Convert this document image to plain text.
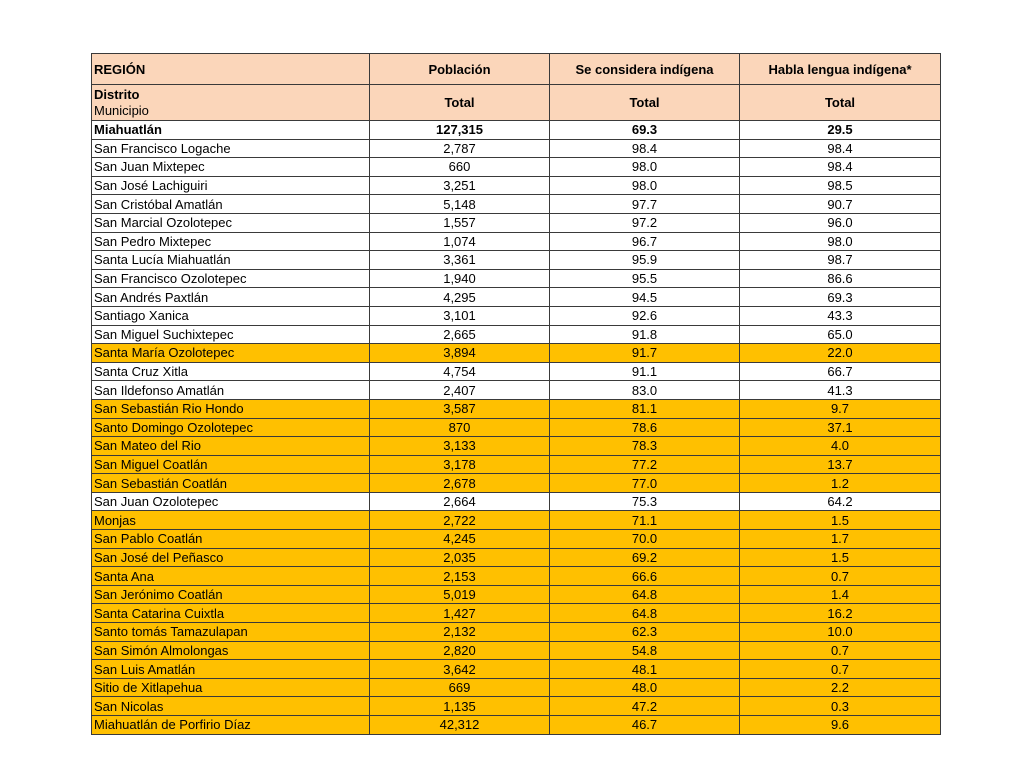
REGIÓN	Población	Se considera indígena	Habla lengua indígena*

Distrito
Municipio	Total	Total	Total
Miahuatlán	127,315	69.3	29.5
San Francisco Logache	2,787	98.4	98.4
San Juan Mixtepec	660	98.0	98.4
San José Lachiguiri	3,251	98.0	98.5
San Cristóbal Amatlán	5,148	97.7	90.7
San Marcial Ozolotepec	1,557	97.2	96.0
San Pedro Mixtepec	1,074	96.7	98.0
Santa Lucía Miahuatlán	3,361	95.9	98.7
San Francisco Ozolotepec	1,940	95.5	86.6
San Andrés Paxtlán	4,295	94.5	69.3
Santiago Xanica	3,101	92.6	43.3
San Miguel Suchixtepec	2,665	91.8	65.0
Santa María Ozolotepec	3,894	91.7	22.0
Santa Cruz Xitla	4,754	91.1	66.7
San Ildefonso Amatlán	2,407	83.0	41.3
San Sebastián Rio Hondo	3,587	81.1	9.7
Santo Domingo Ozolotepec	870	78.6	37.1
San Mateo del Rio	3,133	78.3	4.0
San Miguel Coatlán	3,178	77.2	13.7
San Sebastián Coatlán	2,678	77.0	1.2
San Juan Ozolotepec	2,664	75.3	64.2
Monjas	2,722	71.1	1.5
San Pablo Coatlán	4,245	70.0	1.7
San José del Peñasco	2,035	69.2	1.5
Santa Ana	2,153	66.6	0.7
San Jerónimo Coatlán	5,019	64.8	1.4
Santa Catarina Cuixtla	1,427	64.8	16.2
Santo tomás Tamazulapan	2,132	62.3	10.0
San Simón Almolongas	2,820	54.8	0.7
San Luis Amatlán	3,642	48.1	0.7
Sitio de Xitlapehua	669	48.0	2.2
San Nicolas	1,135	47.2	0.3
Miahuatlán de Porfirio Díaz	42,312	46.7	9.6
